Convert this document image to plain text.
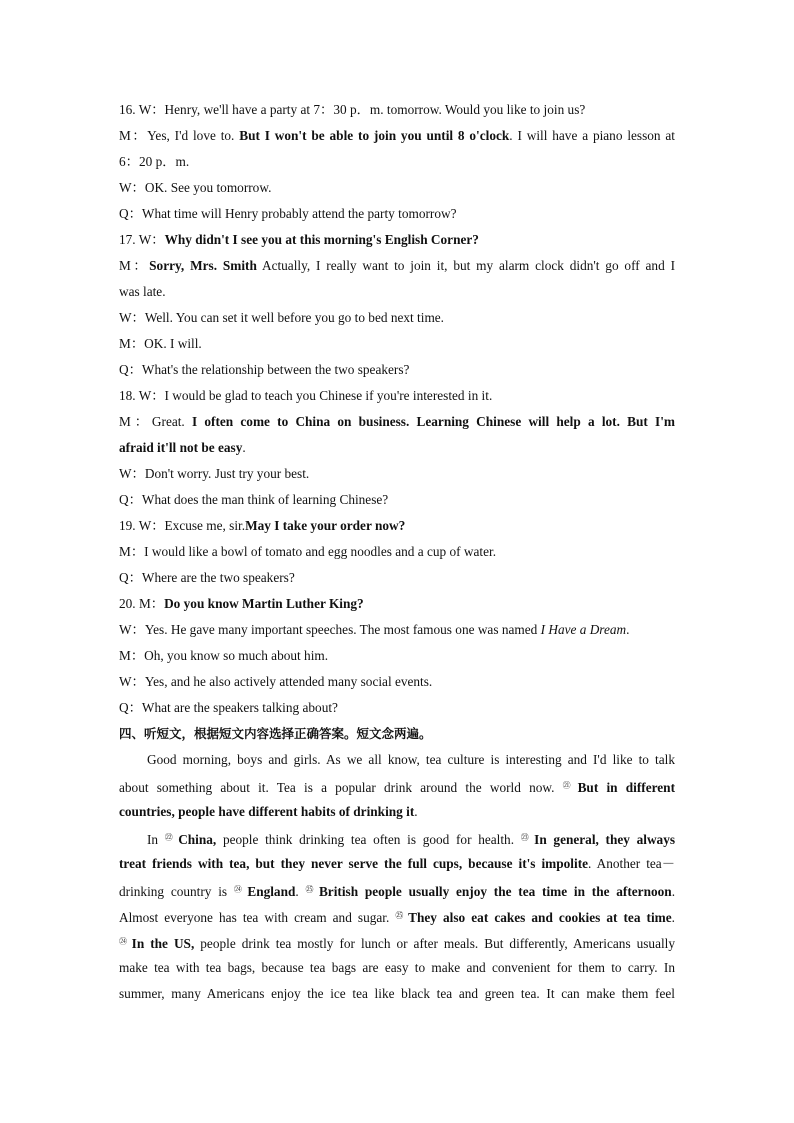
16. W：Henry, we'll have a party at 7：30 p．m. tomorrow. Would you like to join us?
M：Yes, I'd love to. But I won't be able to join you until 8 o'clock. I will have a piano lesson at
6：20 p．m.
W：OK. See you tomorrow.
Q：What time will Henry probably attend the party tomorrow?
17. W：Why didn't I see you at this morning's English Corner?
M：Sorry, Mrs. Smith Actually, I really want to join it, but my alarm clock didn't go off and I
was late.
W：Well. You can set it well before you go to bed next time.
M：OK. I will.
Q：What's the relationship between the two speakers?
18. W：I would be glad to teach you Chinese if you're interested in it.
M：Great. I often come to China on business. Learning Chinese will help a lot. But I'm
afraid it'll not be easy.
W：Don't worry. Just try your best.
Q：What does the man think of learning Chinese?
19. W：Excuse me, sir.May I take your order now?
M：I would like a bowl of tomato and egg noodles and a cup of water.
Q：Where are the two speakers?
20. M：Do you know Martin Luther King?
W：Yes. He gave many important speeches. The most famous one was named I Have a Dream.
M：Oh, you know so much about him.
W：Yes, and he also actively attended many social events.
Q：What are the speakers talking about?
四、听短文，根据短文内容选择正确答案。短文念两遍。
Good morning, boys and girls. As we all know, tea culture is interesting and I'd like to talk
about something about it. Tea is a popular drink around the world now. $^㉑$ But in different
countries, people have different habits of drinking it.
In $^㉒$ China, people think drinking tea often is good for health. $^㉓$ In general, they always
treat friends with tea, but they never serve the full cups, because it's impolite. Another tea－
drinking country is $^㉔$ England. $^㉕$ British people usually enjoy the tea time in the afternoon.
Almost everyone has tea with cream and sugar. $^㉕$ They also eat cakes and cookies at tea time.
$^㉔$ In the US, people drink tea mostly for lunch or after meals. But differently, Americans usually
make tea with tea bags, because tea bags are easy to make and convenient for them to carry. In
summer, many Americans enjoy the ice tea like black tea and green tea. It can make them feel
